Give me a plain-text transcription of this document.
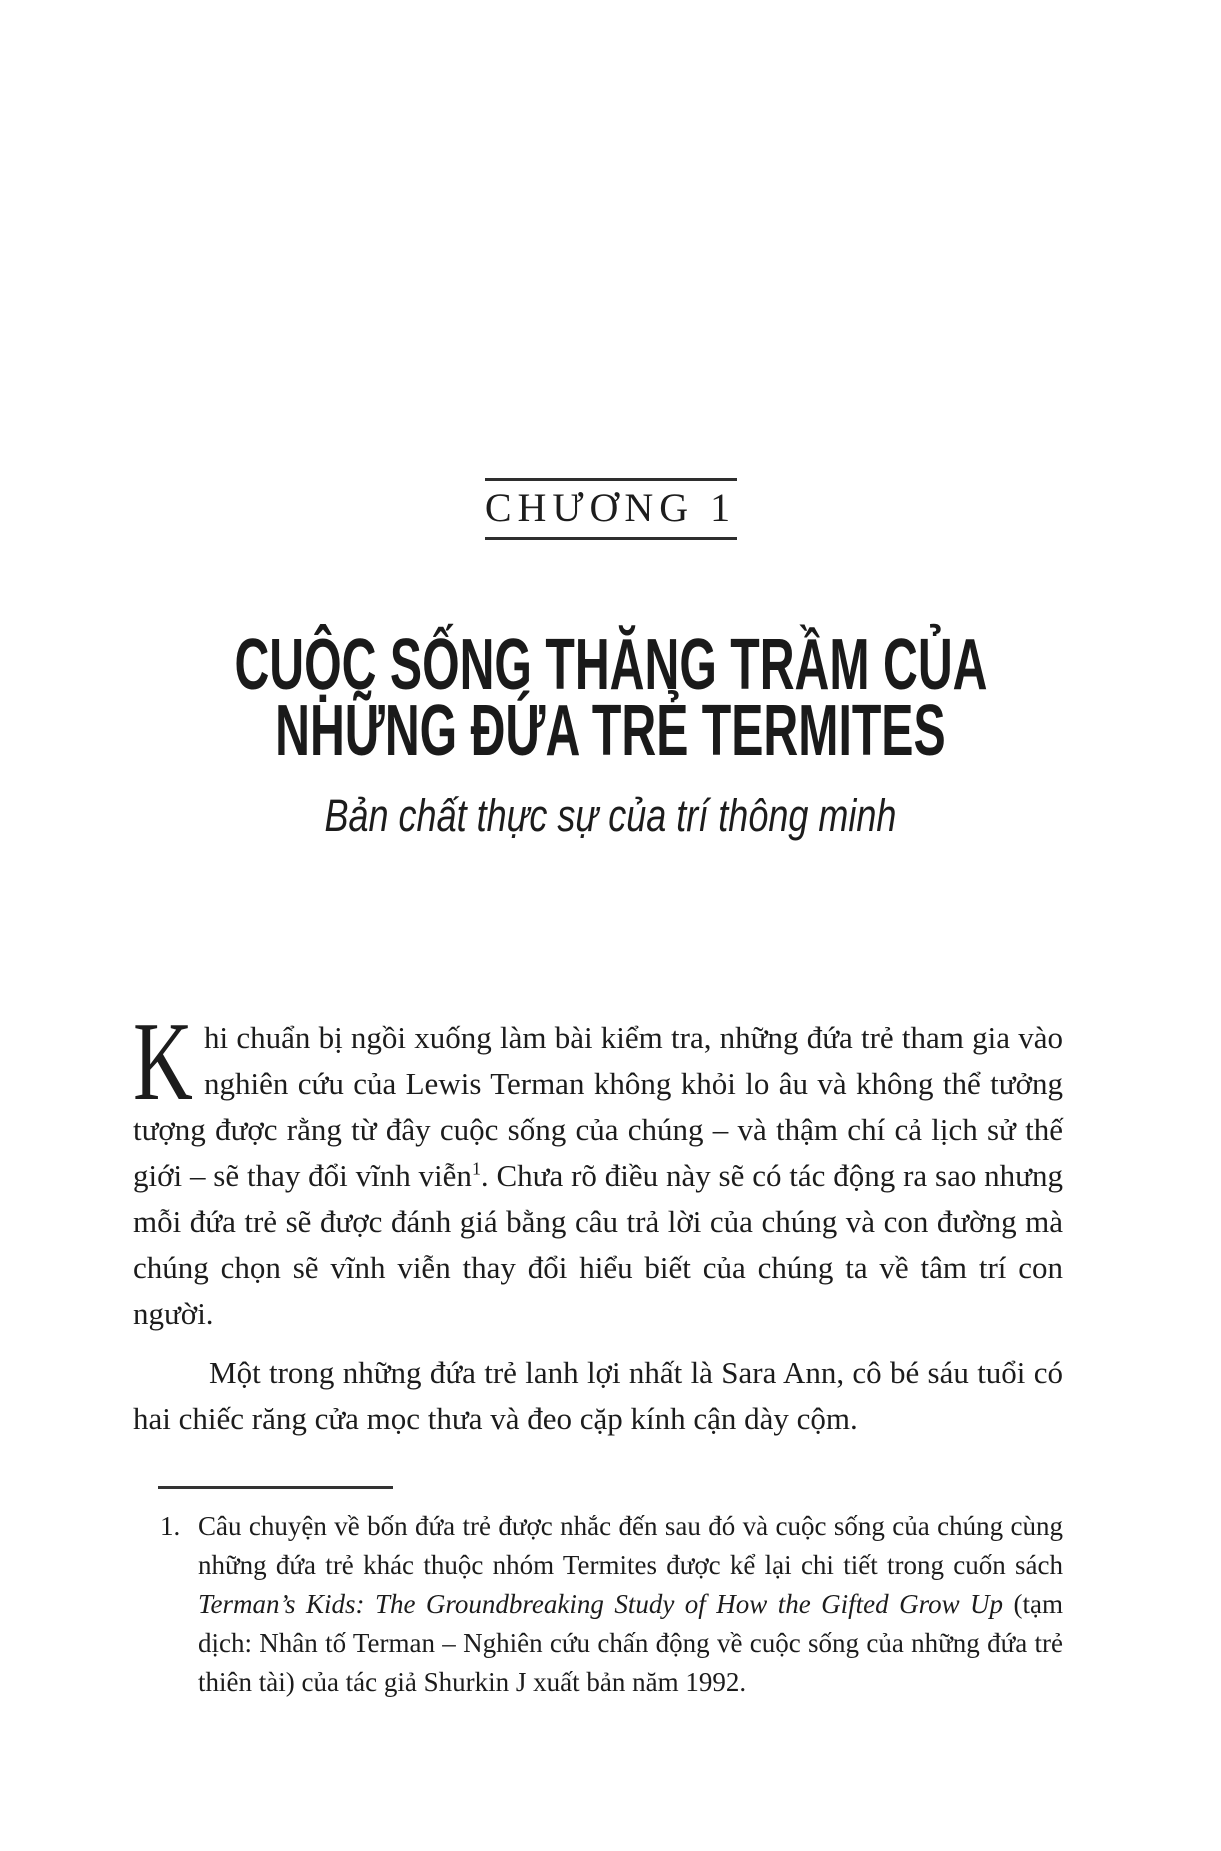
CHƯƠNG 1
CUỘC SỐNG THĂNG TRẦM CỦA
NHỮNG ĐỨA TRẺ TERMITES
Bản chất thực sự của trí thông minh

Khi chuẩn bị ngồi xuống làm bài kiểm tra, những đứa trẻ tham gia vào nghiên cứu của Lewis Terman không khỏi lo âu và không thể tưởng tượng được rằng từ đây cuộc sống của chúng – và thậm chí cả lịch sử thế giới – sẽ thay đổi vĩnh viễn$^1$. Chưa rõ điều này sẽ có tác động ra sao nhưng mỗi đứa trẻ sẽ được đánh giá bằng câu trả lời của chúng và con đường mà chúng chọn sẽ vĩnh viễn thay đổi hiểu biết của chúng ta về tâm trí con người.

Một trong những đứa trẻ lanh lợi nhất là Sara Ann, cô bé sáu tuổi có hai chiếc răng cửa mọc thưa và đeo cặp kính cận dày cộm.

1. Câu chuyện về bốn đứa trẻ được nhắc đến sau đó và cuộc sống của chúng cùng những đứa trẻ khác thuộc nhóm Termites được kể lại chi tiết trong cuốn sách Terman’s Kids: The Groundbreaking Study of How the Gifted Grow Up (tạm dịch: Nhân tố Terman – Nghiên cứu chấn động về cuộc sống của những đứa trẻ thiên tài) của tác giả Shurkin J xuất bản năm 1992.
